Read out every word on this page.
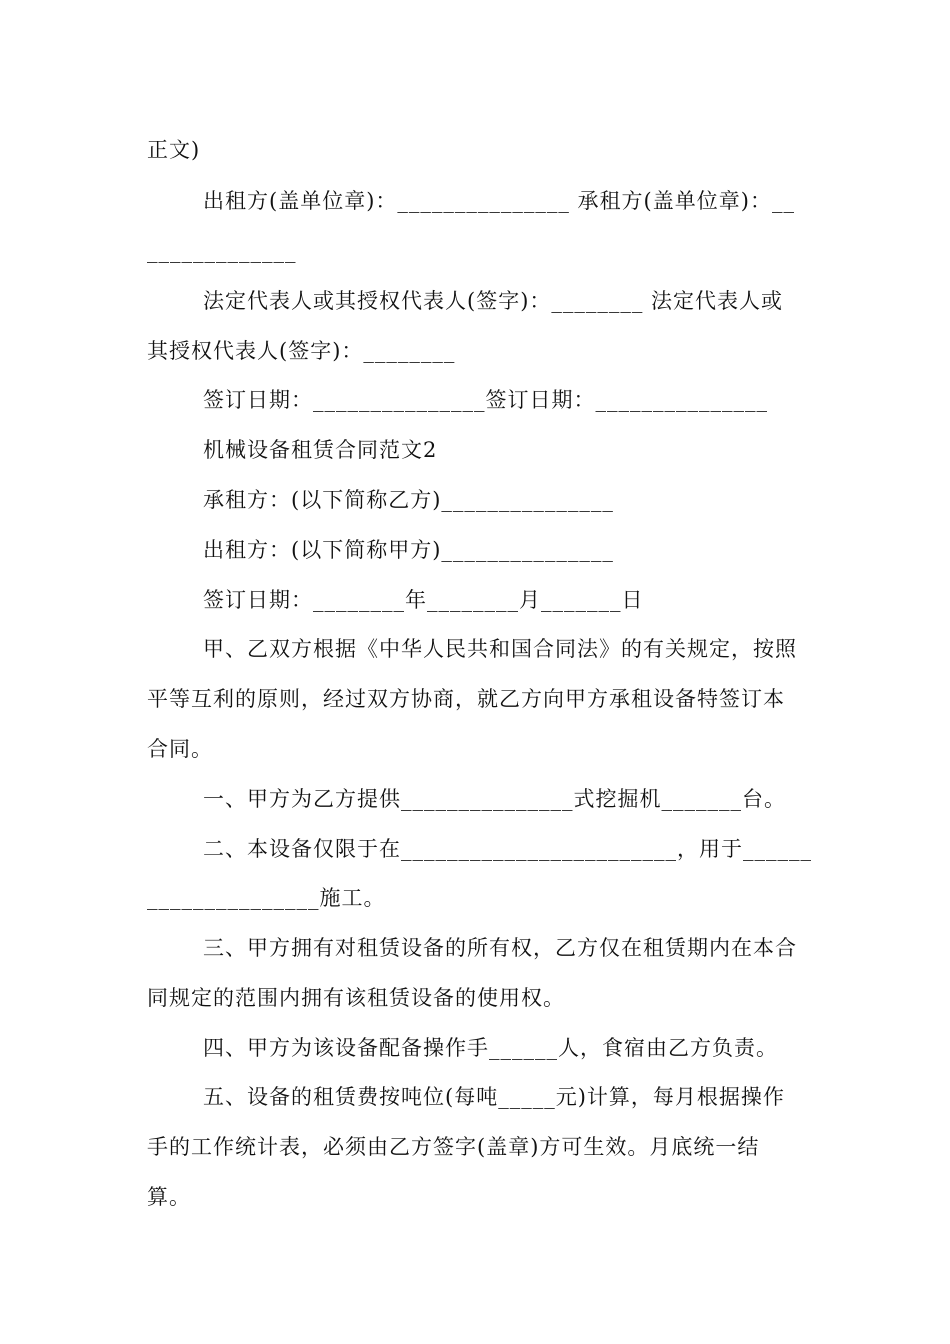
正文)
出租方(盖单位章)：_______________ 承租方(盖单位章)：__
_____________
法定代表人或其授权代表人(签字)：________ 法定代表人或
其授权代表人(签字)：________
签订日期：_______________签订日期：_______________
机械设备租赁合同范文2
承租方：(以下简称乙方)_______________
出租方：(以下简称甲方)_______________
签订日期：________年________月_______日
甲、乙双方根据《中华人民共和国合同法》的有关规定，按照
平等互利的原则，经过双方协商，就乙方向甲方承租设备特签订本
合同。
一、甲方为乙方提供_______________式挖掘机_______台。
二、本设备仅限于在________________________，用于______
_______________施工。
三、甲方拥有对租赁设备的所有权，乙方仅在租赁期内在本合
同规定的范围内拥有该租赁设备的使用权。
四、甲方为该设备配备操作手______人，食宿由乙方负责。
五、设备的租赁费按吨位(每吨_____元)计算，每月根据操作
手的工作统计表，必须由乙方签字(盖章)方可生效。月底统一结
算。
